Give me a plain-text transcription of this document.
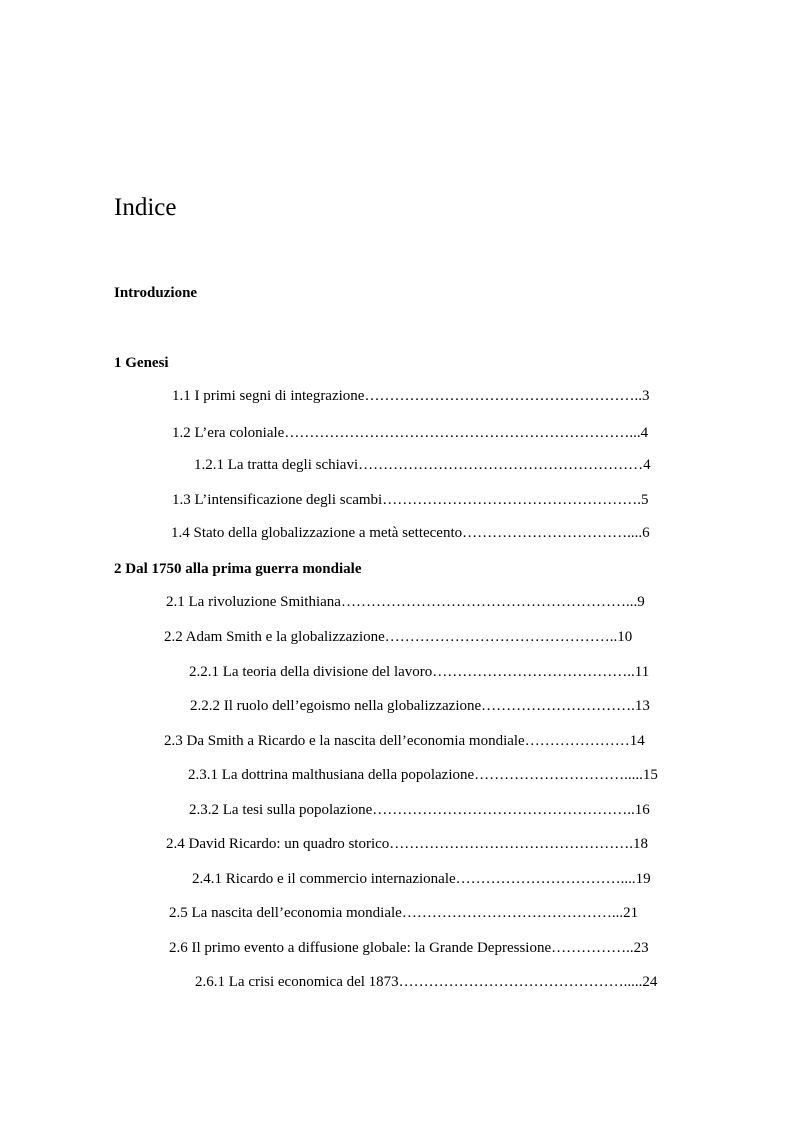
Indice
Introduzione
1 Genesi
1.1 I primi segni di integrazione………………………………………………..3
1.2 L’era coloniale……………………………………………………………...4
1.2.1 La tratta degli schiavi…………………………………………………4
1.3 L’intensificazione degli scambi…………………………………………….5
1.4 Stato della globalizzazione a metà settecento……………………………....6
2 Dal 1750 alla prima guerra mondiale
2.1 La rivoluzione Smithiana…………………………………………………...9
2.2 Adam Smith e la globalizzazione………………………………………..10
2.2.1 La teoria della divisione del lavoro…………………………………..11
2.2.2 Il ruolo dell’egoismo nella globalizzazione………………………….13
2.3 Da Smith a Ricardo e la nascita dell’economia mondiale…………………14
2.3.1 La dottrina malthusiana della popolazione………………………….....15
2.3.2 La tesi sulla popolazione……………………………………………..16
2.4 David Ricardo: un quadro storico………………………………………….18
2.4.1 Ricardo e il commercio internazionale……………………………....19
2.5 La nascita dell’economia mondiale……………………………………...21
2.6 Il primo evento a diffusione globale: la Grande Depressione……………..23
2.6.1 La crisi economica del 1873……………………………………….....24
